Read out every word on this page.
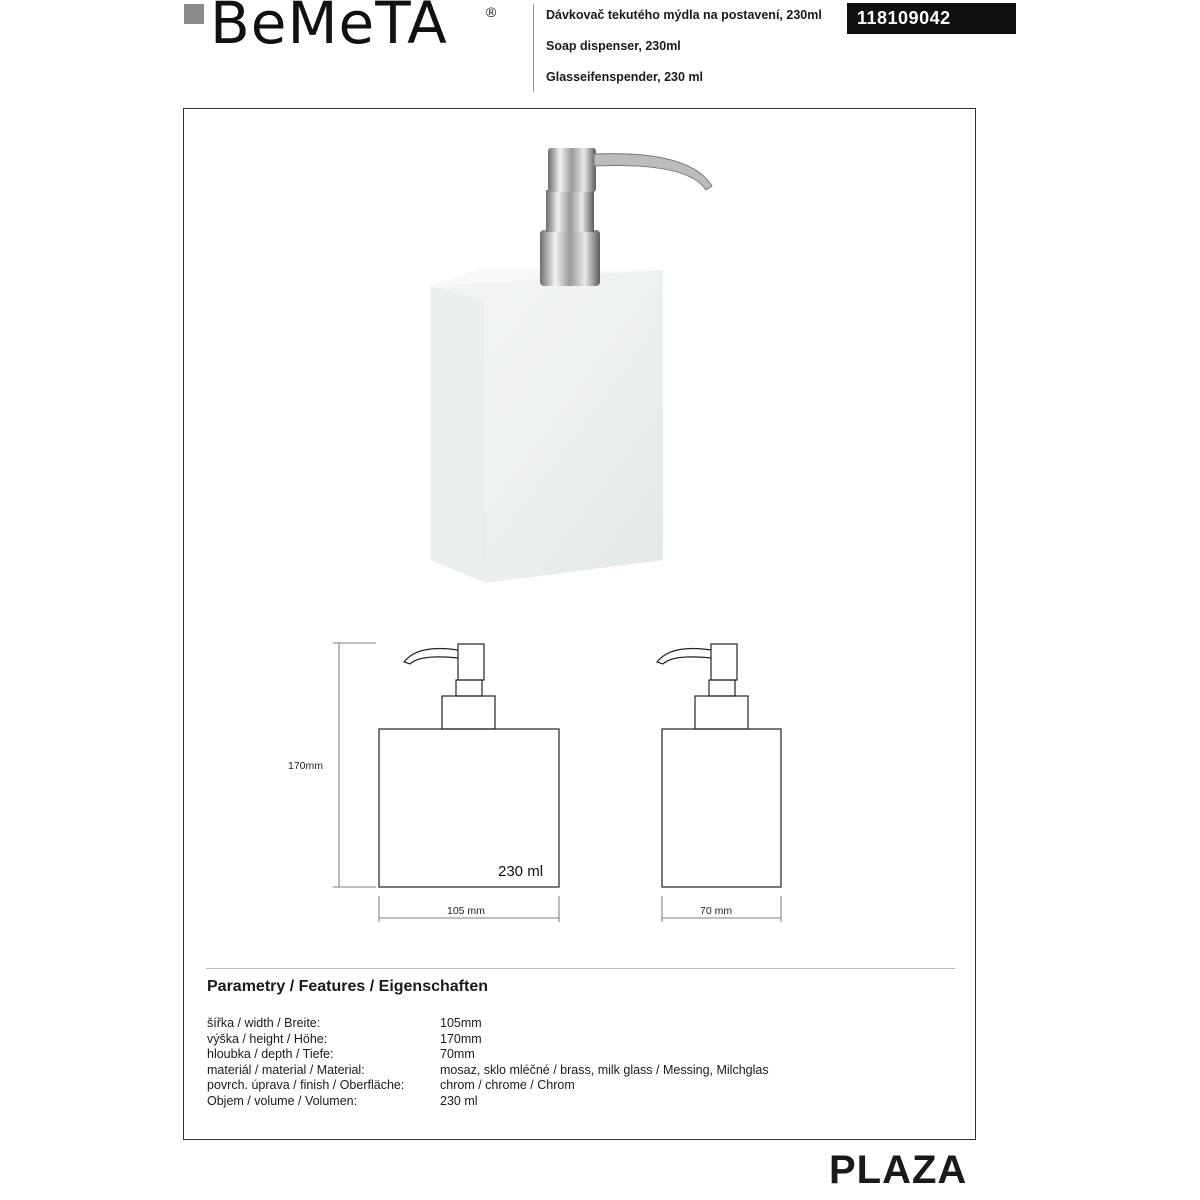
BeMeTA	®	Dávkovač tekutého mýdla na postavení, 230ml
Soap dispenser, 230ml
Glasseifenspender, 230 ml
118109042
170mm
105 mm	70 mm
230 ml
Parametry / Features / Eigenschaften
šířka / width / Breite:	105mm
výška / height / Höhe:	170mm
hloubka / depth / Tiefe:	70mm
materiál / material / Material:	mosaz, sklo mléčné / brass, milk glass / Messing, Milchglas
povrch. úprava / finish / Oberfläche:	chrom / chrome / Chrom
Objem / volume / Volumen:	230 ml
PLAZA
